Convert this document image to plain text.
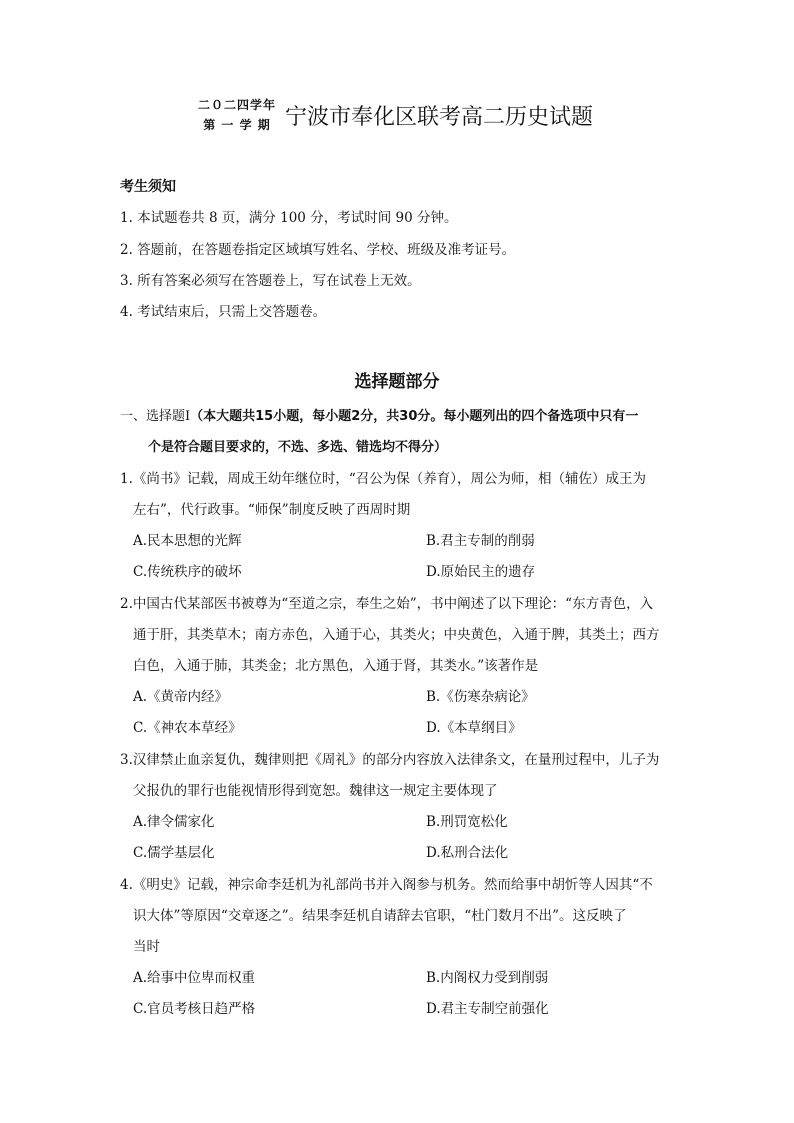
二０二四学年
第 一 学 期 宁波市奉化区联考高二历史试题
考生须知
1. 本试题卷共 8 页，满分 100 分，考试时间 90 分钟。
2. 答题前，在答题卷指定区域填写姓名、学校、班级及准考证号。
3. 所有答案必须写在答题卷上，写在试卷上无效。
4. 考试结束后，只需上交答题卷。
选择题部分
一、选择题Ⅰ（本大题共15小题，每小题2分，共30分。每小题列出的四个备选项中只有一
个是符合题目要求的，不选、多选、错选均不得分）
1.《尚书》记载，周成王幼年继位时，“召公为保（养育），周公为师，相（辅佐）成王为
左右”，代行政事。“师保”制度反映了西周时期
A.民本思想的光辉	B.君主专制的削弱
C.传统秩序的破坏	D.原始民主的遗存
2.中国古代某部医书被尊为“至道之宗，奉生之始”，书中阐述了以下理论：“东方青色，入
通于肝，其类草木；南方赤色，入通于心，其类火；中央黄色，入通于脾，其类土；西方
白色，入通于肺，其类金；北方黑色，入通于肾，其类水。”该著作是
A.《黄帝内经》	B.《伤寒杂病论》
C.《神农本草经》	D.《本草纲目》
3.汉律禁止血亲复仇，魏律则把《周礼》的部分内容放入法律条文，在量刑过程中，儿子为
父报仇的罪行也能视情形得到宽恕。魏律这一规定主要体现了
A.律令儒家化	B.刑罚宽松化
C.儒学基层化	D.私刑合法化
4.《明史》记载，神宗命李廷机为礼部尚书并入阁参与机务。然而给事中胡忻等人因其“不
识大体”等原因“交章逐之”。结果李廷机自请辞去官职，“杜门数月不出”。这反映了
当时
A.给事中位卑而权重	B.内阁权力受到削弱
C.官员考核日趋严格	D.君主专制空前强化
